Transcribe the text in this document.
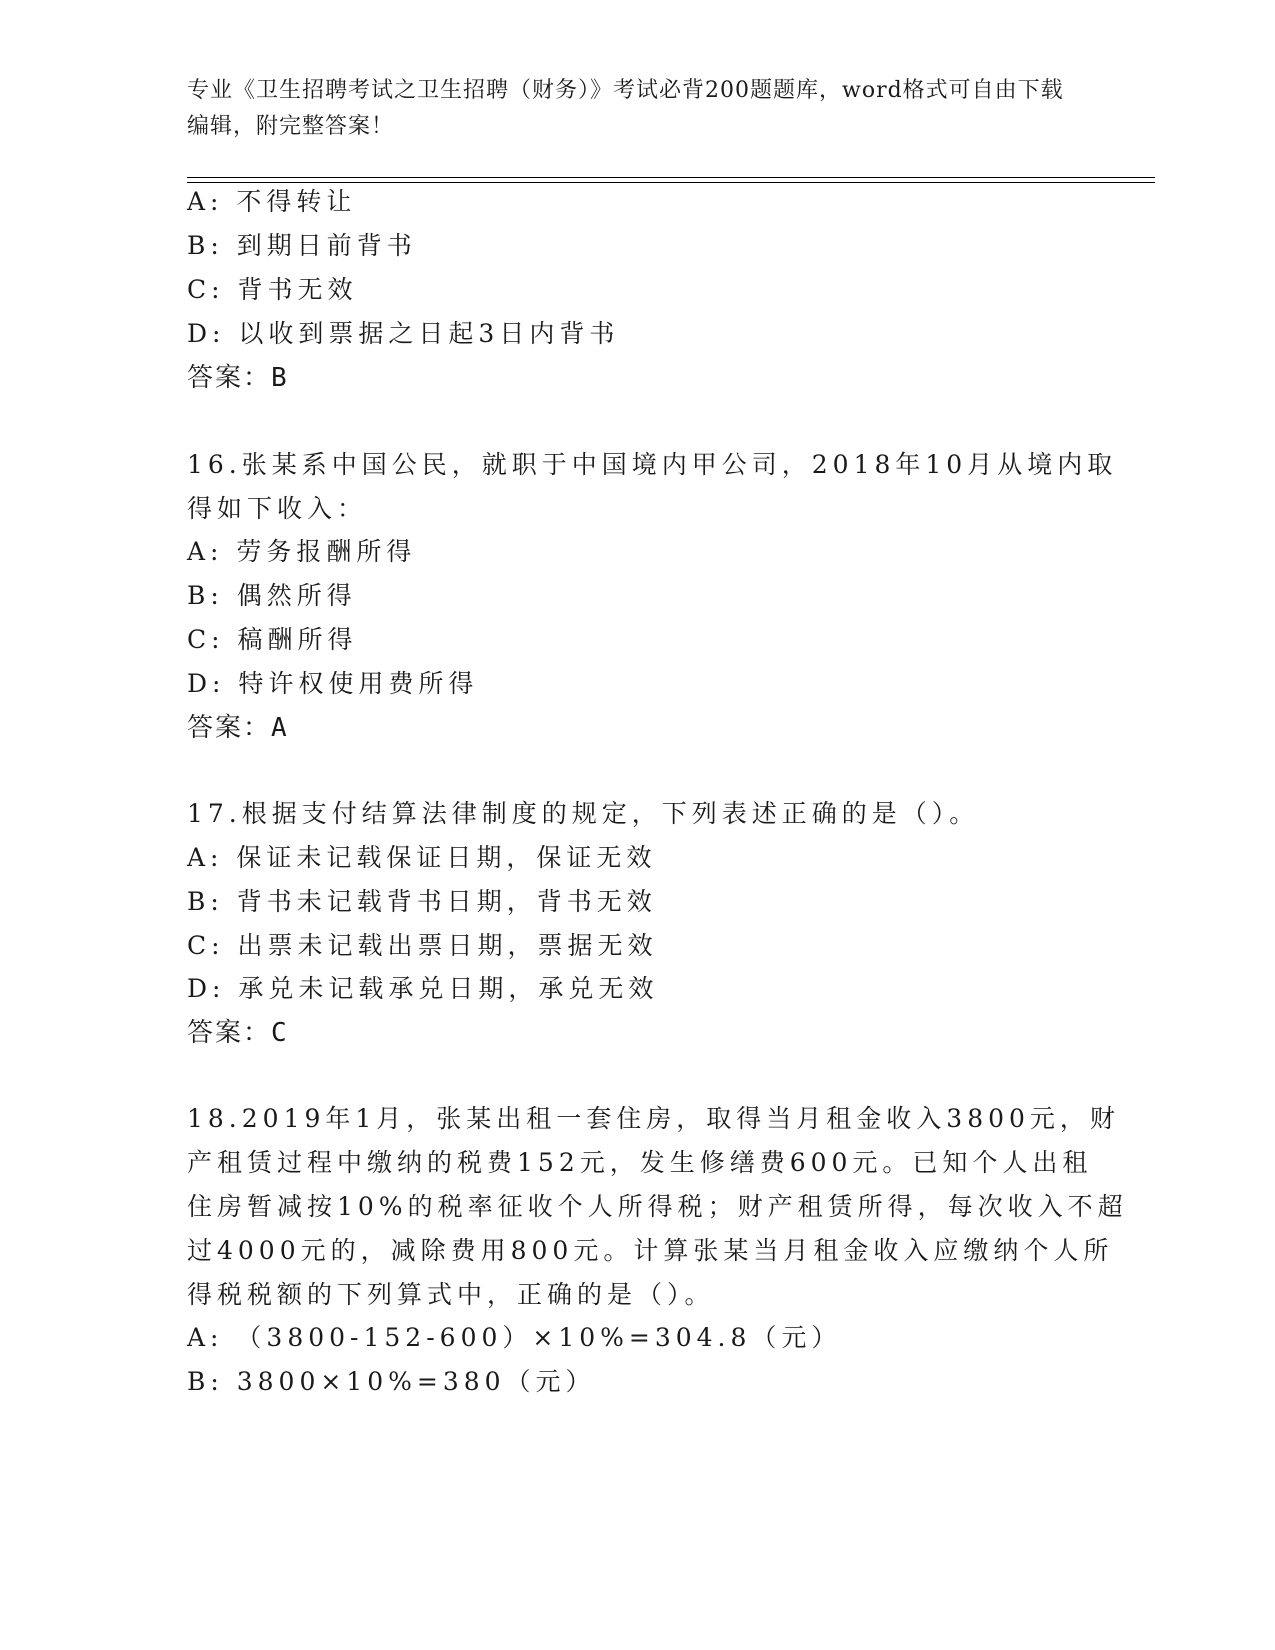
专业《卫生招聘考试之卫生招聘（财务）》考试必背200题题库，word格式可自由下载编辑，附完整答案！
A: 不得转让
B: 到期日前背书
C: 背书无效
D: 以收到票据之日起3日内背书
答案：B
16.张某系中国公民，就职于中国境内甲公司，2018年10月从境内取
得如下收入：
A: 劳务报酬所得
B: 偶然所得
C: 稿酬所得
D: 特许权使用费所得
答案：A
17.根据支付结算法律制度的规定，下列表述正确的是（）。
A: 保证未记载保证日期，保证无效
B: 背书未记载背书日期，背书无效
C: 出票未记载出票日期，票据无效
D: 承兑未记载承兑日期，承兑无效
答案：C
18.2019年1月，张某出租一套住房，取得当月租金收入3800元，财
产租赁过程中缴纳的税费152元，发生修缮费600元。已知个人出租
住房暂减按10%的税率征收个人所得税；财产租赁所得，每次收入不超
过4000元的，减除费用800元。计算张某当月租金收入应缴纳个人所
得税税额的下列算式中，正确的是（）。
A: （3800-152-600）×10%=304.8（元）
B: 3800×10%=380（元）
